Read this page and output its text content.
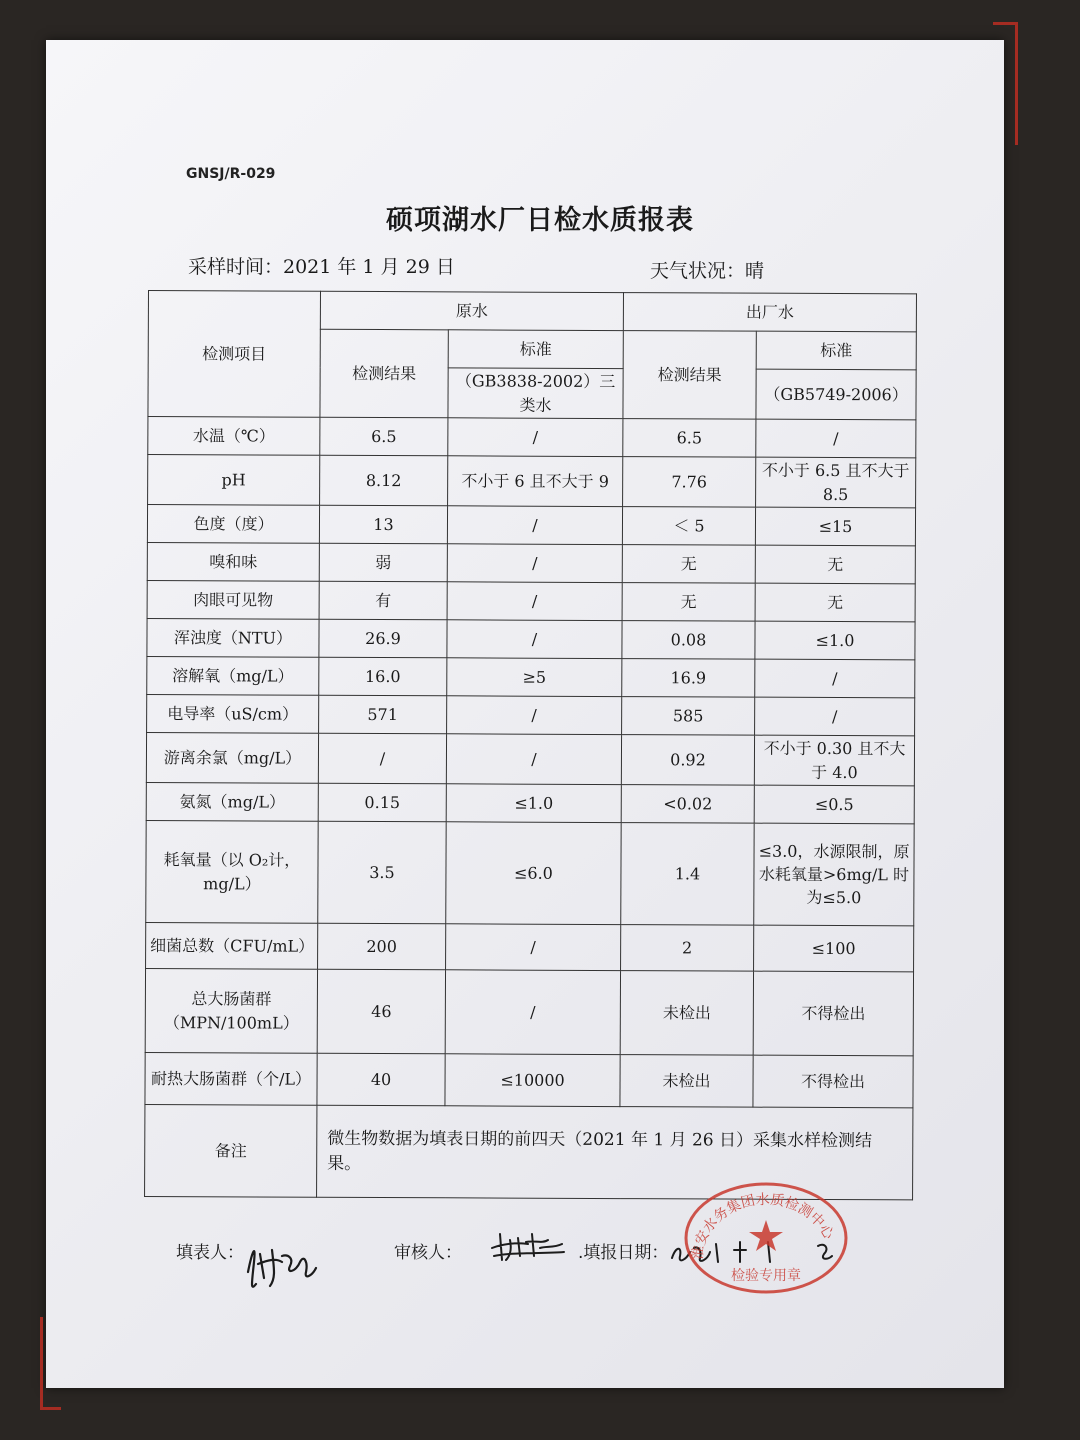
GNSJ/R-029
硕项湖水厂日检水质报表
采样时间：2021 年 1 月 29 日	天气状况：晴
检测项目	原水		出厂水	
	检测结果	标准	检测结果	标准
		（GB3838-2002）三类水		（GB5749-2006）
水温（℃）	6.5	/	6.5	/
pH	8.12	不小于 6 且不大于 9	7.76	不小于 6.5 且不大于 8.5
色度（度）	13	/	＜ 5	≤15
嗅和味	弱	/	无	无
肉眼可见物	有	/	无	无
浑浊度（NTU）	26.9	/	0.08	≤1.0
溶解氧（mg/L）	16.0	≥5	16.9	/
电导率（uS/cm）	571	/	585	/
游离余氯（mg/L）	/	/	0.92	不小于 0.30 且不大于 4.0
氨氮（mg/L）	0.15	≤1.0	<0.02	≤0.5
耗氧量（以 O₂计，mg/L）	3.5	≤6.0	1.4	≤3.0，水源限制，原水耗氧量>6mg/L 时为≤5.0
细菌总数（CFU/mL）	200	/	2	≤100
总大肠菌群（MPN/100mL）	46	/	未检出	不得检出
耐热大肠菌群（个/L）	40	≤10000	未检出	不得检出
备注	微生物数据为填表日期的前四天（2021 年 1 月 26 日）采集水样检测结果。			
填表人：	审核人：	.填报日期： 淮安水务集团水质检测中心
检验专用章
